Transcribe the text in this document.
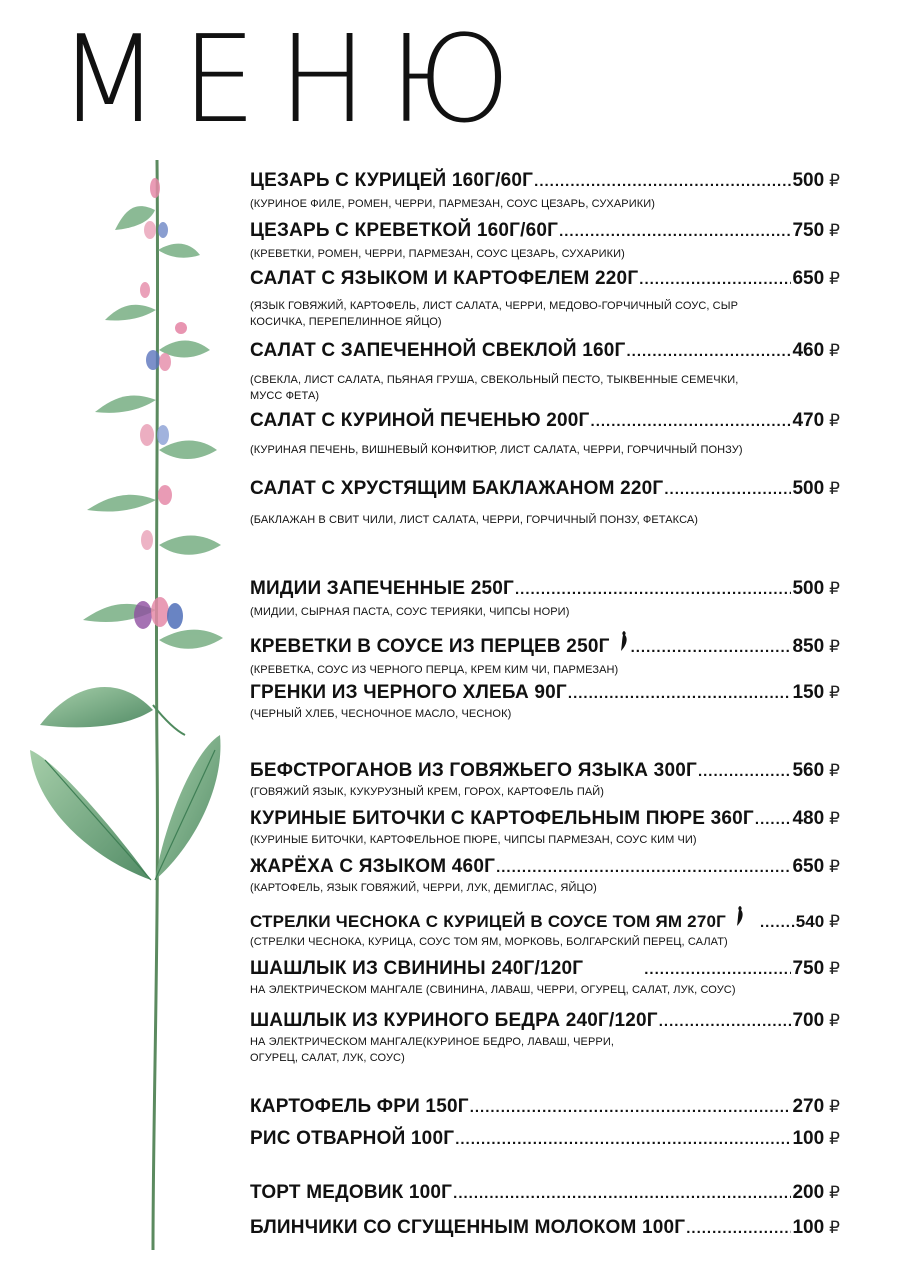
МЕНЮ
ЦЕЗАРЬ С КУРИЦЕЙ 160Г/60Г .....	500 ₽
(КУРИНОЕ ФИЛЕ, РОМЕН, ЧЕРРИ, ПАРМЕЗАН, СОУС ЦЕЗАРЬ, СУХАРИКИ)
ЦЕЗАРЬ С КРЕВЕТКОЙ 160Г/60Г .....	750 ₽
(КРЕВЕТКИ, РОМЕН, ЧЕРРИ, ПАРМЕЗАН, СОУС ЦЕЗАРЬ, СУХАРИКИ)
САЛАТ С ЯЗЫКОМ И КАРТОФЕЛЕМ 220Г .....	650 ₽
(ЯЗЫК ГОВЯЖИЙ, КАРТОФЕЛЬ, ЛИСТ САЛАТА, ЧЕРРИ, МЕДОВО-ГОРЧИЧНЫЙ СОУС, СЫР КОСИЧКА, ПЕРЕПЕЛИННОЕ ЯЙЦО)
САЛАТ С ЗАПЕЧЕННОЙ СВЕКЛОЙ 160Г .....	460 ₽
(СВЕКЛА, ЛИСТ САЛАТА, ПЬЯНАЯ ГРУША, СВЕКОЛЬНЫЙ ПЕСТО, ТЫКВЕННЫЕ СЕМЕЧКИ, МУСС ФЕТА)
САЛАТ С КУРИНОЙ ПЕЧЕНЬЮ 200Г .....	470 ₽
(КУРИНАЯ ПЕЧЕНЬ, ВИШНЕВЫЙ КОНФИТЮР, ЛИСТ САЛАТА, ЧЕРРИ, ГОРЧИЧНЫЙ ПОНЗУ)
САЛАТ С ХРУСТЯЩИМ БАКЛАЖАНОМ 220Г .....	500 ₽
(БАКЛАЖАН В СВИТ ЧИЛИ, ЛИСТ САЛАТА, ЧЕРРИ, ГОРЧИЧНЫЙ ПОНЗУ, ФЕТАКСА)
МИДИИ ЗАПЕЧЕННЫЕ 250Г .....	500 ₽
(МИДИИ, СЫРНАЯ ПАСТА, СОУС ТЕРИЯКИ, ЧИПСЫ НОРИ)
КРЕВЕТКИ В СОУСЕ ИЗ ПЕРЦЕВ 250Г .....	850 ₽
(КРЕВЕТКА, СОУС ИЗ ЧЕРНОГО ПЕРЦА, КРЕМ КИМ ЧИ, ПАРМЕЗАН)
ГРЕНКИ ИЗ ЧЕРНОГО ХЛЕБА 90Г .....	150 ₽
(ЧЕРНЫЙ ХЛЕБ, ЧЕСНОЧНОЕ МАСЛО, ЧЕСНОК)
БЕФСТРОГАНОВ ИЗ ГОВЯЖЬЕГО ЯЗЫКА 300Г .....	560 ₽
(ГОВЯЖИЙ ЯЗЫК, КУКУРУЗНЫЙ КРЕМ, ГОРОХ, КАРТОФЕЛЬ ПАЙ)
КУРИНЫЕ БИТОЧКИ С КАРТОФЕЛЬНЫМ ПЮРЕ 360Г ..... 480 ₽
(КУРИНЫЕ БИТОЧКИ, КАРТОФЕЛЬНОЕ ПЮРЕ, ЧИПСЫ ПАРМЕЗАН, СОУС КИМ ЧИ)
ЖАРЁХА С ЯЗЫКОМ 460Г .....	650 ₽
(КАРТОФЕЛЬ, ЯЗЫК ГОВЯЖИЙ, ЧЕРРИ, ЛУК, ДЕМИГЛАС, ЯЙЦО)
СТРЕЛКИ ЧЕСНОКА С КУРИЦЕЙ В СОУСЕ ТОМ ЯМ 270Г .....	540 ₽
(СТРЕЛКИ ЧЕСНОКА, КУРИЦА, СОУС ТОМ ЯМ, МОРКОВЬ, БОЛГАРСКИЙ ПЕРЕЦ, САЛАТ)
ШАШЛЫК ИЗ СВИНИНЫ 240Г/120Г .....	750 ₽
НА ЭЛЕКТРИЧЕСКОМ МАНГАЛЕ (СВИНИНА, ЛАВАШ, ЧЕРРИ, ОГУРЕЦ, САЛАТ, ЛУК, СОУС)
ШАШЛЫК ИЗ КУРИНОГО БЕДРА 240Г/120Г .....	700 ₽
НА ЭЛЕКТРИЧЕСКОМ МАНГАЛЕ(КУРИНОЕ БЕДРО, ЛАВАШ, ЧЕРРИ, ОГУРЕЦ, САЛАТ, ЛУК, СОУС)
КАРТОФЕЛЬ ФРИ 150Г .....	270 ₽
РИС ОТВАРНОЙ 100Г .....	100 ₽
ТОРТ МЕДОВИК 100Г .....	200 ₽
БЛИНЧИКИ СО СГУЩЕННЫМ МОЛОКОМ 100Г .....	100 ₽
